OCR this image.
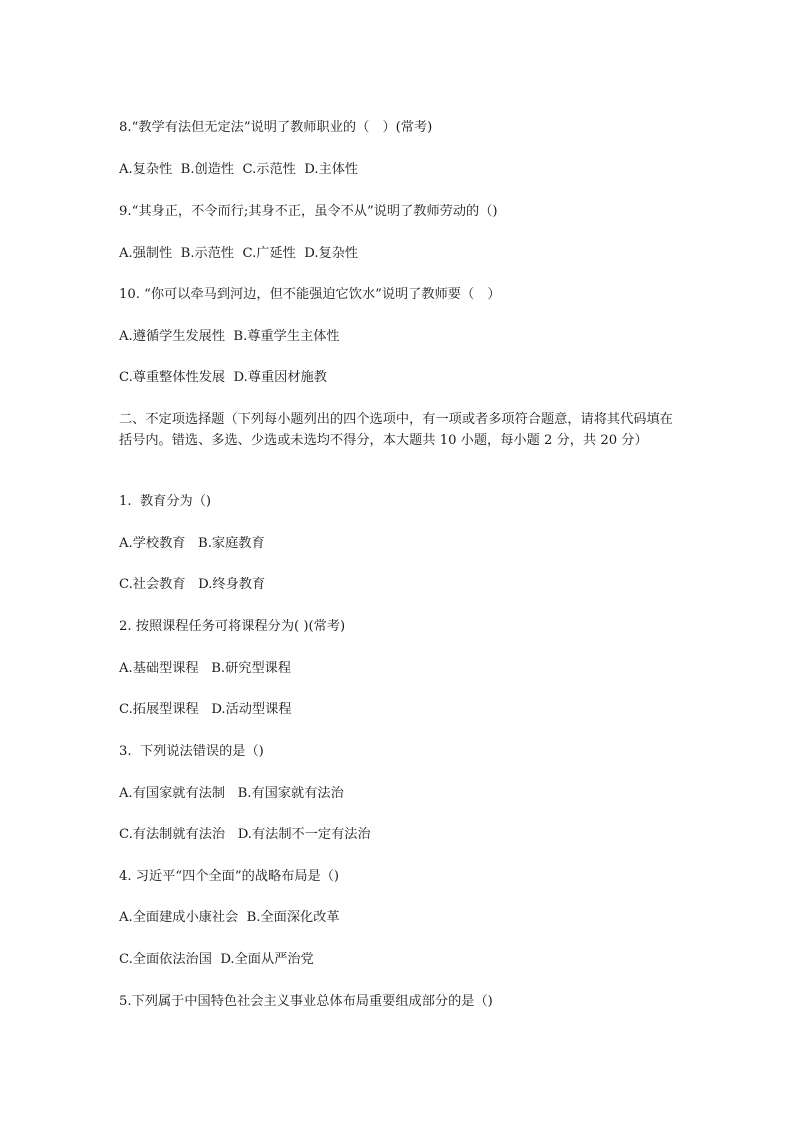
8.“教学有法但无定法”说明了教师职业的（　）(常考)
A.复杂性  B.创造性  C.示范性  D.主体性
9.“其身正，不令而行;其身不正，虽令不从”说明了教师劳动的（)
A.强制性  B.示范性  C.广延性  D.复杂性
10. “你可以牵马到河边，但不能强迫它饮水”说明了教师要（　）
A.遵循学生发展性  B.尊重学生主体性
C.尊重整体性发展  D.尊重因材施教
二、不定项选择题（下列每小题列出的四个选项中，有一项或者多项符合题意，请将其代码填在括号内。错选、多选、少选或未选均不得分，本大题共 10 小题，每小题 2 分，共 20 分）
1.  教育分为（)
A.学校教育   B.家庭教育
C.社会教育   D.终身教育
2. 按照课程任务可将课程分为( )(常考)
A.基础型课程   B.研究型课程
C.拓展型课程   D.活动型课程
3.  下列说法错误的是（)
A.有国家就有法制   B.有国家就有法治
C.有法制就有法治   D.有法制不一定有法治
4. 习近平“四个全面”的战略布局是（)
A.全面建成小康社会  B.全面深化改革
C.全面依法治国  D.全面从严治党
5.下列属于中国特色社会主义事业总体布局重要组成部分的是（)
